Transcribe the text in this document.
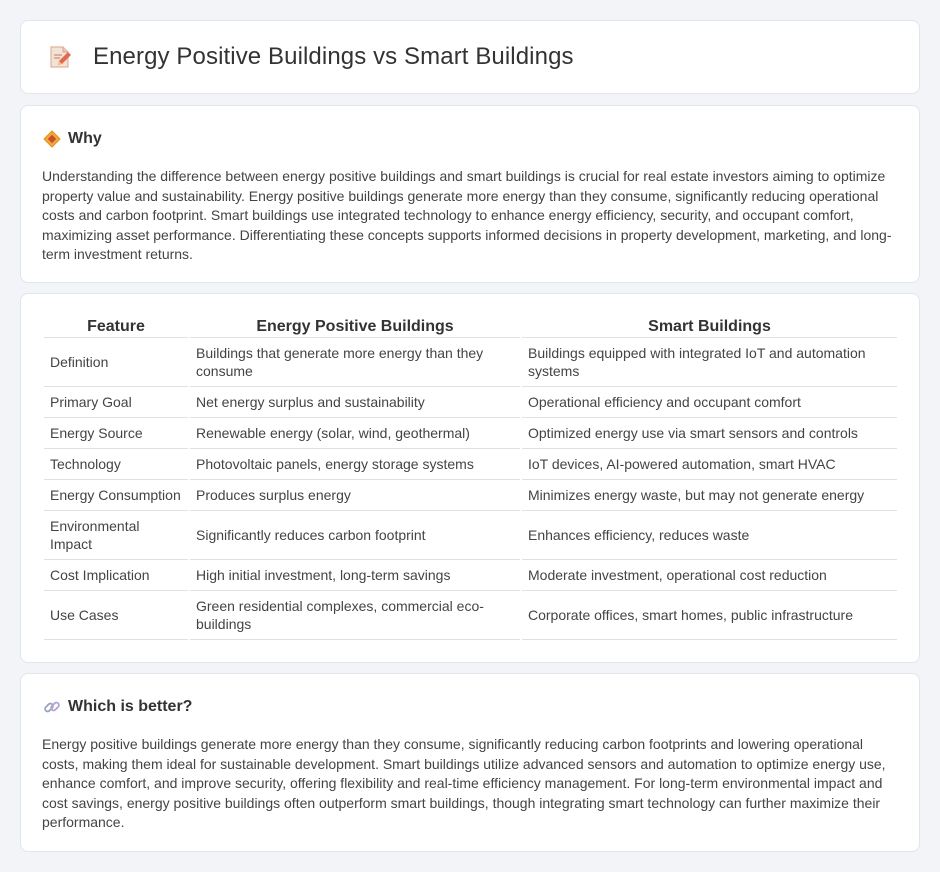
Energy Positive Buildings vs Smart Buildings
Why

Understanding the difference between energy positive buildings and smart buildings is crucial for real estate investors aiming to optimize property value and sustainability. Energy positive buildings generate more energy than they consume, significantly reducing operational costs and carbon footprint. Smart buildings use integrated technology to enhance energy efficiency, security, and occupant comfort, maximizing asset performance. Differentiating these concepts supports informed decisions in property development, marketing, and long-term investment returns.

Feature	Energy Positive Buildings	Smart Buildings
Definition	Buildings that generate more energy than they consume	Buildings equipped with integrated IoT and automation systems
Primary Goal	Net energy surplus and sustainability	Operational efficiency and occupant comfort
Energy Source	Renewable energy (solar, wind, geothermal)	Optimized energy use via smart sensors and controls
Technology	Photovoltaic panels, energy storage systems	IoT devices, AI-powered automation, smart HVAC
Energy Consumption	Produces surplus energy	Minimizes energy waste, but may not generate energy
Environmental Impact	Significantly reduces carbon footprint	Enhances efficiency, reduces waste
Cost Implication	High initial investment, long-term savings	Moderate investment, operational cost reduction
Use Cases	Green residential complexes, commercial eco-buildings	Corporate offices, smart homes, public infrastructure
Which is better?

Energy positive buildings generate more energy than they consume, significantly reducing carbon footprints and lowering operational costs, making them ideal for sustainable development. Smart buildings utilize advanced sensors and automation to optimize energy use, enhance comfort, and improve security, offering flexibility and real-time efficiency management. For long-term environmental impact and cost savings, energy positive buildings often outperform smart buildings, though integrating smart technology can further maximize their performance.
